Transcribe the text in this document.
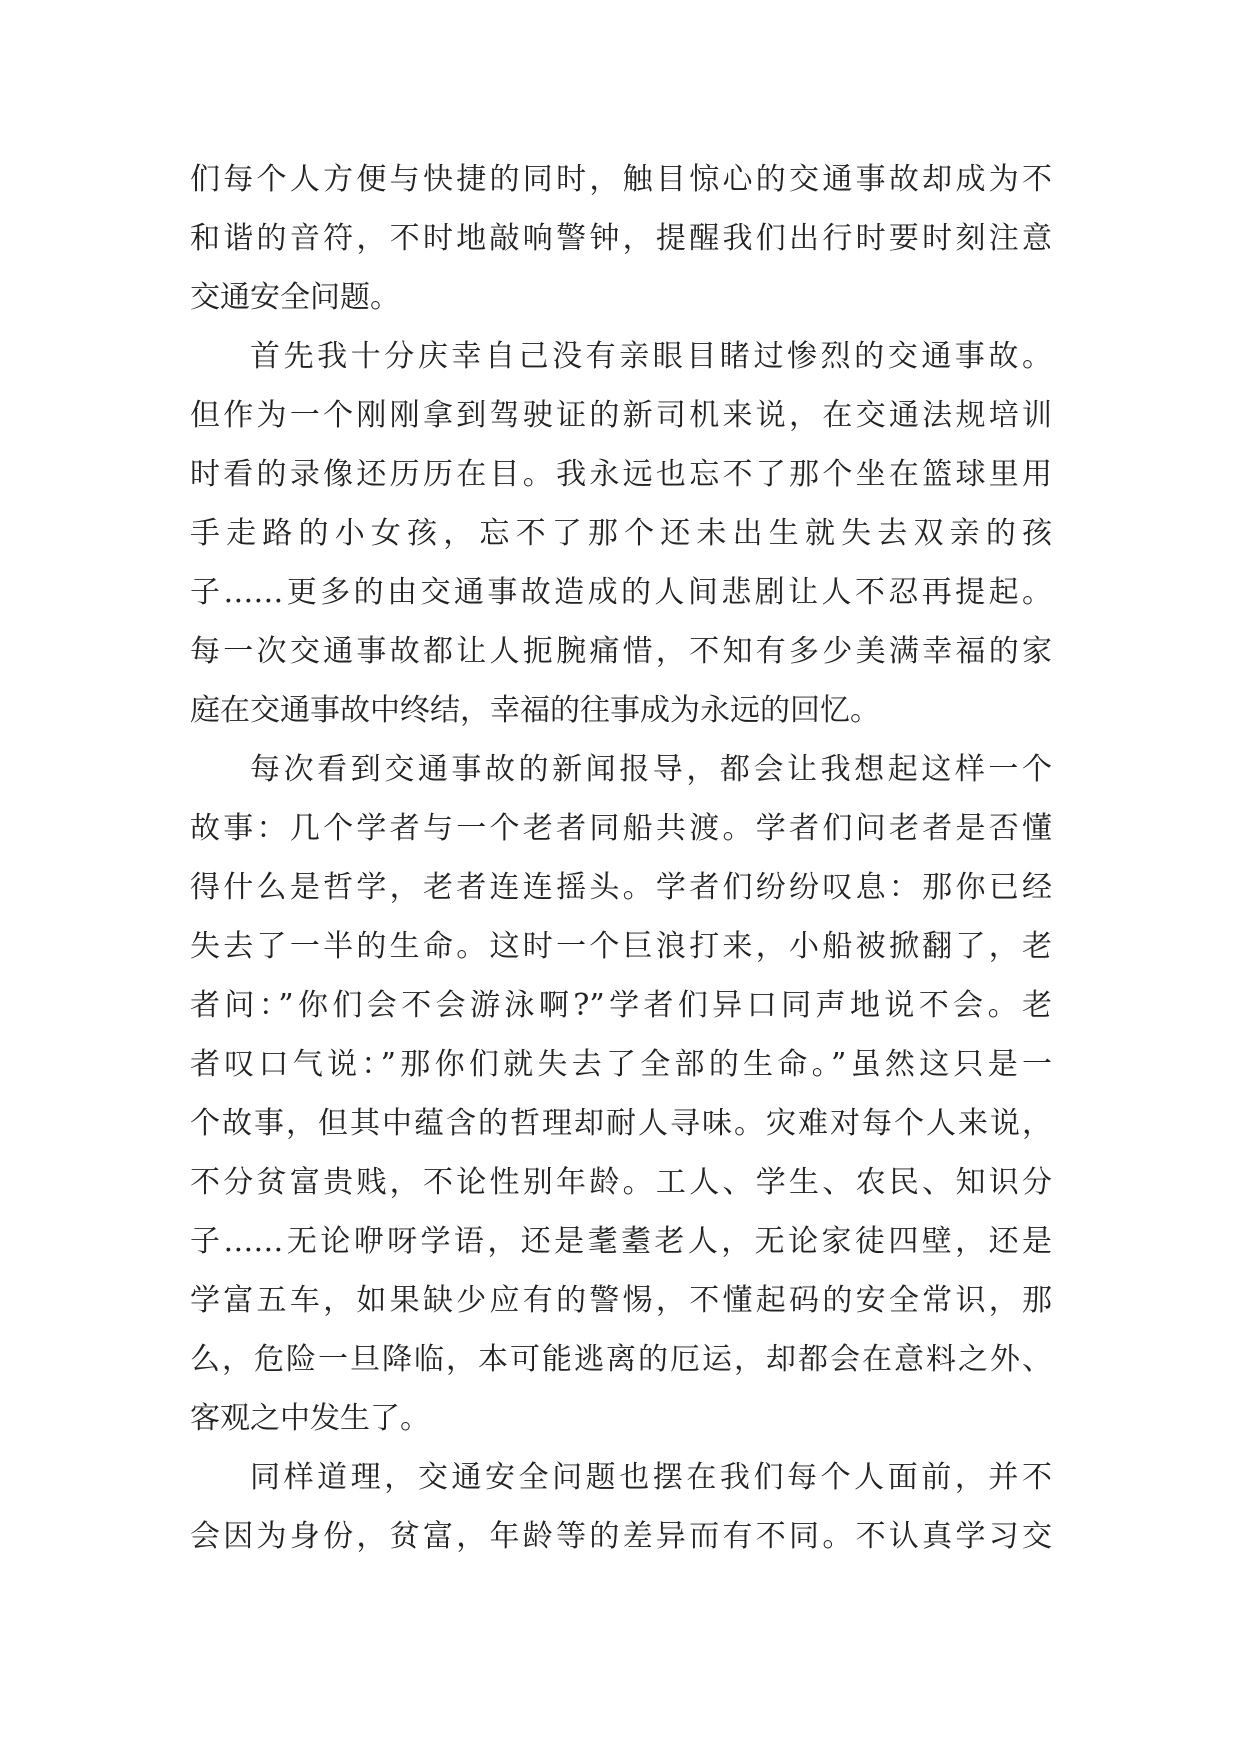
们每个人方便与快捷的同时，触目惊心的交通事故却成为不
和谐的音符，不时地敲响警钟，提醒我们出行时要时刻注意
交通安全问题。
首先我十分庆幸自己没有亲眼目睹过惨烈的交通事故。
但作为一个刚刚拿到驾驶证的新司机来说，在交通法规培训
时看的录像还历历在目。我永远也忘不了那个坐在篮球里用
手走路的小女孩，忘不了那个还未出生就失去双亲的孩
子……更多的由交通事故造成的人间悲剧让人不忍再提起。
每一次交通事故都让人扼腕痛惜，不知有多少美满幸福的家
庭在交通事故中终结，幸福的往事成为永远的回忆。
每次看到交通事故的新闻报导，都会让我想起这样一个
故事：几个学者与一个老者同船共渡。学者们问老者是否懂
得什么是哲学，老者连连摇头。学者们纷纷叹息：那你已经
失去了一半的生命。这时一个巨浪打来，小船被掀翻了，老
者问：”你们会不会游泳啊?”学者们异口同声地说不会。老
者叹口气说：”那你们就失去了全部的生命。”虽然这只是一
个故事，但其中蕴含的哲理却耐人寻味。灾难对每个人来说，
不分贫富贵贱，不论性别年龄。工人、学生、农民、知识分
子……无论咿呀学语，还是耄耋老人，无论家徒四壁，还是
学富五车，如果缺少应有的警惕，不懂起码的安全常识，那
么，危险一旦降临，本可能逃离的厄运，却都会在意料之外、
客观之中发生了。
同样道理，交通安全问题也摆在我们每个人面前，并不
会因为身份，贫富，年龄等的差异而有不同。不认真学习交
